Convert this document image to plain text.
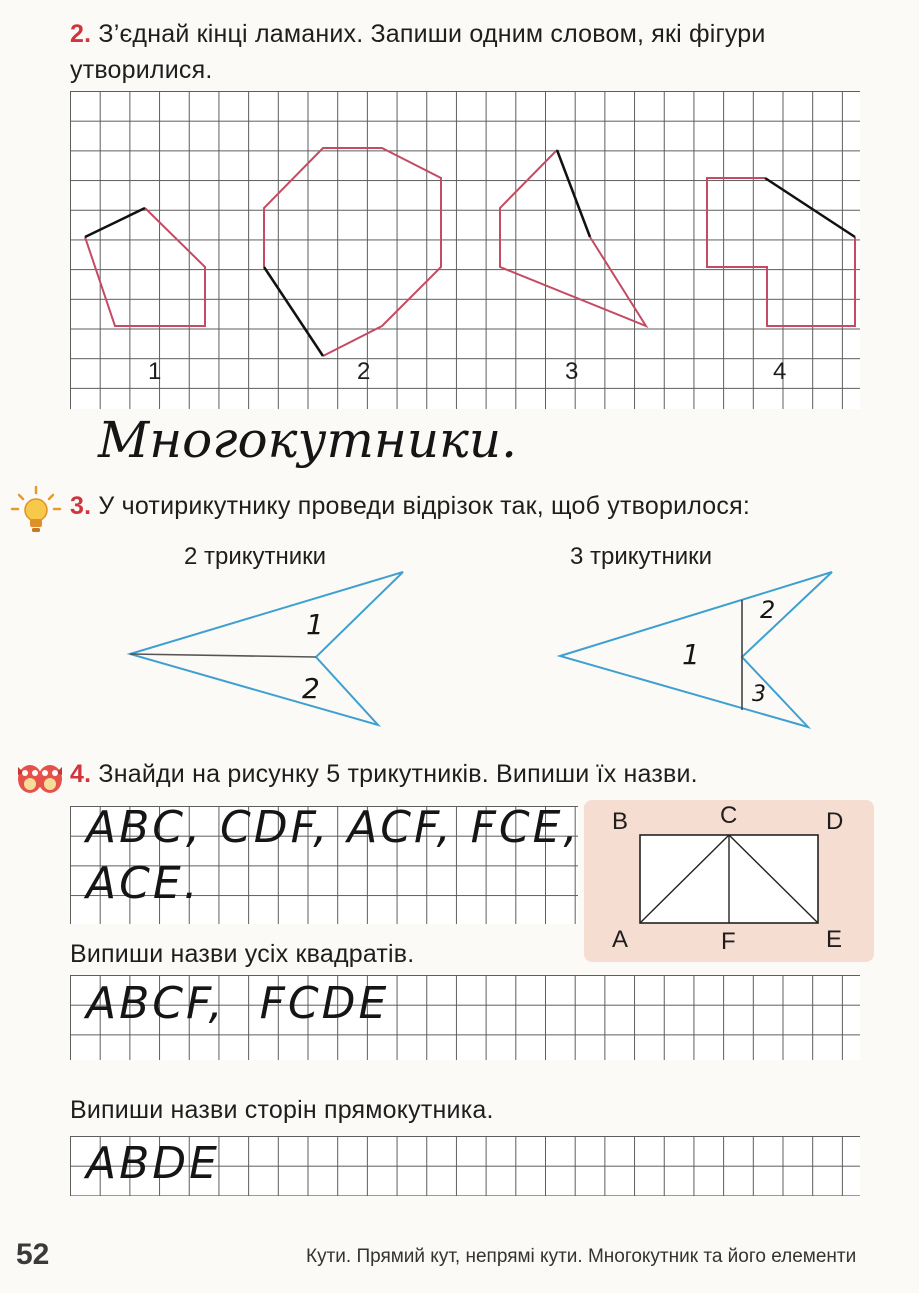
2. З’єднай кінці ламаних. Запиши одним словом, які фігури утворилися.
1	2	3	4
Многокутники.
3. У чотирикутнику проведи відрізок так, щоб утворилося:
2 трикутники	3 трикутники
1
2
1
2
3
4. Знайди на рисунку 5 трикутників. Випиши їх назви.
ABC, CDF, ACF, FCE,
ACE.
B	C	D
A	F	E
Випиши назви усіх квадратів.
ABCF,  FCDE
Випиши назви сторін прямокутника.
ABDE
52	Кути. Прямий кут, непрямі кути. Многокутник та його елементи
